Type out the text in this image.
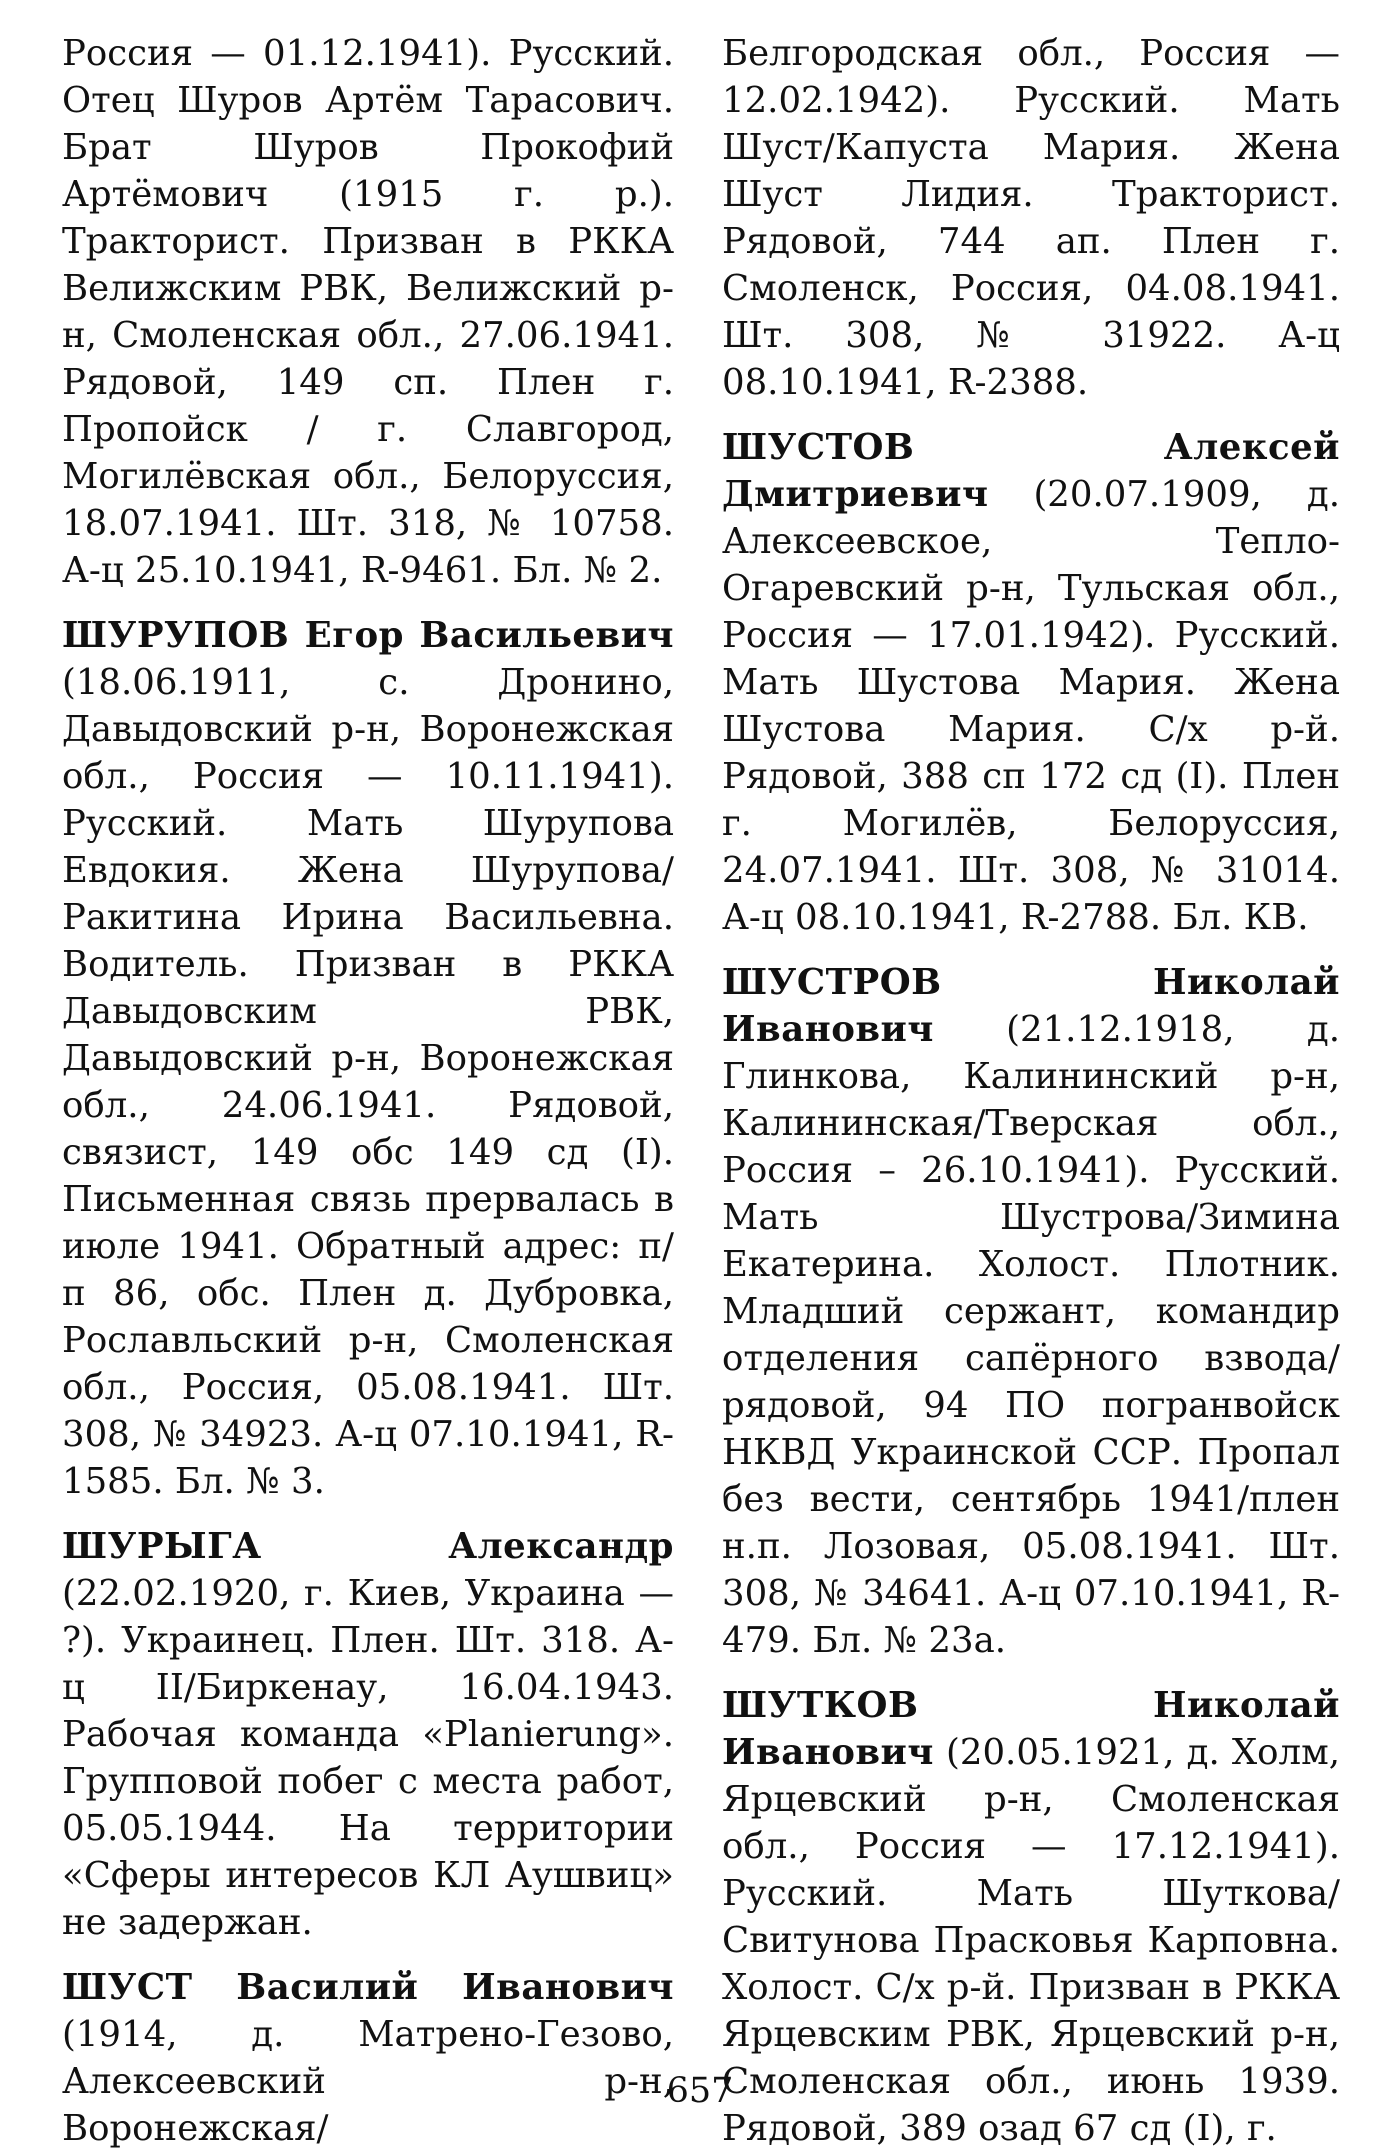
Россия — 01.12.1941). Русский. Отец Шуров Артём Тарасович. Брат Шуров Прокофий Артёмович (1915 г. р.). Тракторист. Призван в РККА Велижским РВК, Велижский р-н, Смоленская обл., 27.06.1941. Рядовой, 149 сп. Плен г. Пропойск / г. Славгород, Могилёвская обл., Белоруссия, 18.07.1941. Шт. 318, № 10758. А-ц 25.10.1941, R-9461. Бл. № 2.

ШУРУПОВ Егор Васильевич (18.06.1911, с. Дронино, Давыдовский р-н, Воронежская обл., Россия — 10.11.1941). Русский. Мать Шурупова Евдокия. Жена Шурупова/Ракитина Ирина Васильевна. Водитель. Призван в РККА Давыдовским РВК, Давыдовский р-н, Воронежская обл., 24.06.1941. Рядовой, связист, 149 обс 149 сд (I). Письменная связь прервалась в июле 1941. Обратный адрес: п/п 86, обс. Плен д. Дубровка, Рославльский р-н, Смоленская обл., Россия, 05.08.1941. Шт. 308, № 34923. А-ц 07.10.1941, R-1585. Бл. № 3.

ШУРЫГА Александр (22.02.1920, г. Киев, Украина — ?). Украинец. Плен. Шт. 318. А-ц II/Биркенау, 16.04.1943. Рабочая команда «Planierung». Групповой побег с места работ, 05.05.1944. На территории «Сферы интересов КЛ Аушвиц» не задержан.

ШУСТ Василий Иванович (1914, д. Матрено-Гезово, Алексеевский р-н, Воронежская/

Белгородская обл., Россия — 12.02.1942). Русский. Мать Шуст/Капуста Мария. Жена Шуст Лидия. Тракторист. Рядовой, 744 ап. Плен г. Смоленск, Россия, 04.08.1941. Шт. 308, № 31922. А-ц 08.10.1941, R-2388.

ШУСТОВ Алексей Дмитриевич (20.07.1909, д. Алексеевское, Тепло-Огаревский р-н, Тульская обл., Россия — 17.01.1942). Русский. Мать Шустова Мария. Жена Шустова Мария. С/х р-й. Рядовой, 388 сп 172 сд (I). Плен г. Могилёв, Белоруссия, 24.07.1941. Шт. 308, № 31014. А-ц 08.10.1941, R-2788. Бл. КВ.

ШУСТРОВ Николай Иванович (21.12.1918, д. Глинкова, Калининский р-н, Калининская/Тверская обл., Россия – 26.10.1941). Русский. Мать Шустрова/Зимина Екатерина. Холост. Плотник. Младший сержант, командир отделения сапёрного взвода/рядовой, 94 ПО погранвойск НКВД Украинской ССР. Пропал без вести, сентябрь 1941/плен н.п. Лозовая, 05.08.1941. Шт. 308, № 34641. А-ц 07.10.1941, R-479. Бл. № 23а.

ШУТКОВ Николай Иванович (20.05.1921, д. Холм, Ярцевский р-н, Смоленская обл., Россия — 17.12.1941). Русский. Мать Шуткова/Свитунова Прасковья Карповна. Холост. С/х р-й. Призван в РККА Ярцевским РВК, Ярцевский р-н, Смоленская обл., июнь 1939. Рядовой, 389 озад 67 сд (I), г.

657
